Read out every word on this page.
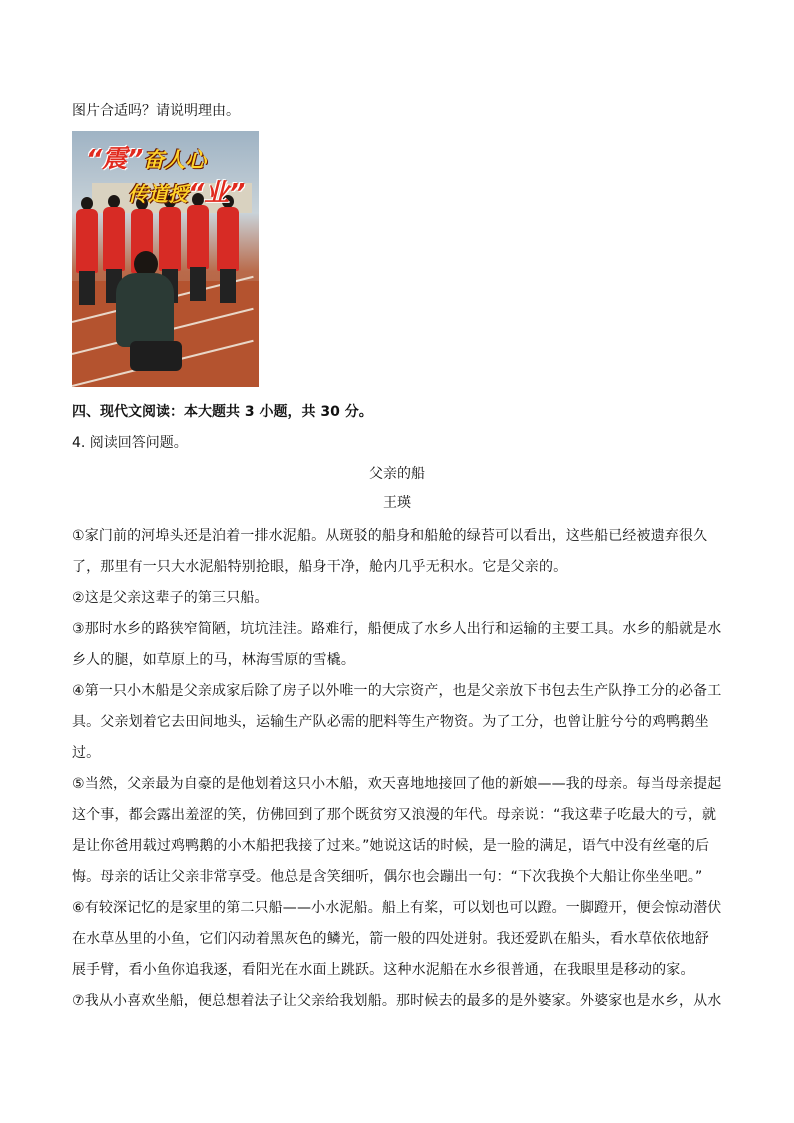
图片合适吗？请说明理由。

“震”奋人心
传道授“业”

四、现代文阅读：本大题共 3 小题，共 30 分。

4. 阅读回答问题。

父亲的船

王瑛

①家门前的河埠头还是泊着一排水泥船。从斑驳的船身和船舱的绿苔可以看出，这些船已经被遗弃很久了，那里有一只大水泥船特别抢眼，船身干净，舱内几乎无积水。它是父亲的。

②这是父亲这辈子的第三只船。

③那时水乡的路狭窄简陋，坑坑洼洼。路难行，船便成了水乡人出行和运输的主要工具。水乡的船就是水乡人的腿，如草原上的马，林海雪原的雪橇。

④第一只小木船是父亲成家后除了房子以外唯一的大宗资产，也是父亲放下书包去生产队挣工分的必备工具。父亲划着它去田间地头，运输生产队必需的肥料等生产物资。为了工分，也曾让脏兮兮的鸡鸭鹅坐过。

⑤当然，父亲最为自豪的是他划着这只小木船，欢天喜地地接回了他的新娘——我的母亲。每当母亲提起这个事，都会露出羞涩的笑，仿佛回到了那个既贫穷又浪漫的年代。母亲说：“我这辈子吃最大的亏，就是让你爸用载过鸡鸭鹅的小木船把我接了过来。”她说这话的时候，是一脸的满足，语气中没有丝毫的后悔。母亲的话让父亲非常享受。他总是含笑细听，偶尔也会蹦出一句：“下次我换个大船让你坐坐吧。”

⑥有较深记忆的是家里的第二只船——小水泥船。船上有桨，可以划也可以蹬。一脚蹬开，便会惊动潜伏在水草丛里的小鱼，它们闪动着黑灰色的鳞光，箭一般的四处迸射。我还爱趴在船头，看水草依依地舒展手臂，看小鱼你追我逐，看阳光在水面上跳跃。这种水泥船在水乡很普通，在我眼里是移动的家。

⑦我从小喜欢坐船，便总想着法子让父亲给我划船。那时候去的最多的是外婆家。外婆家也是水乡，从水
